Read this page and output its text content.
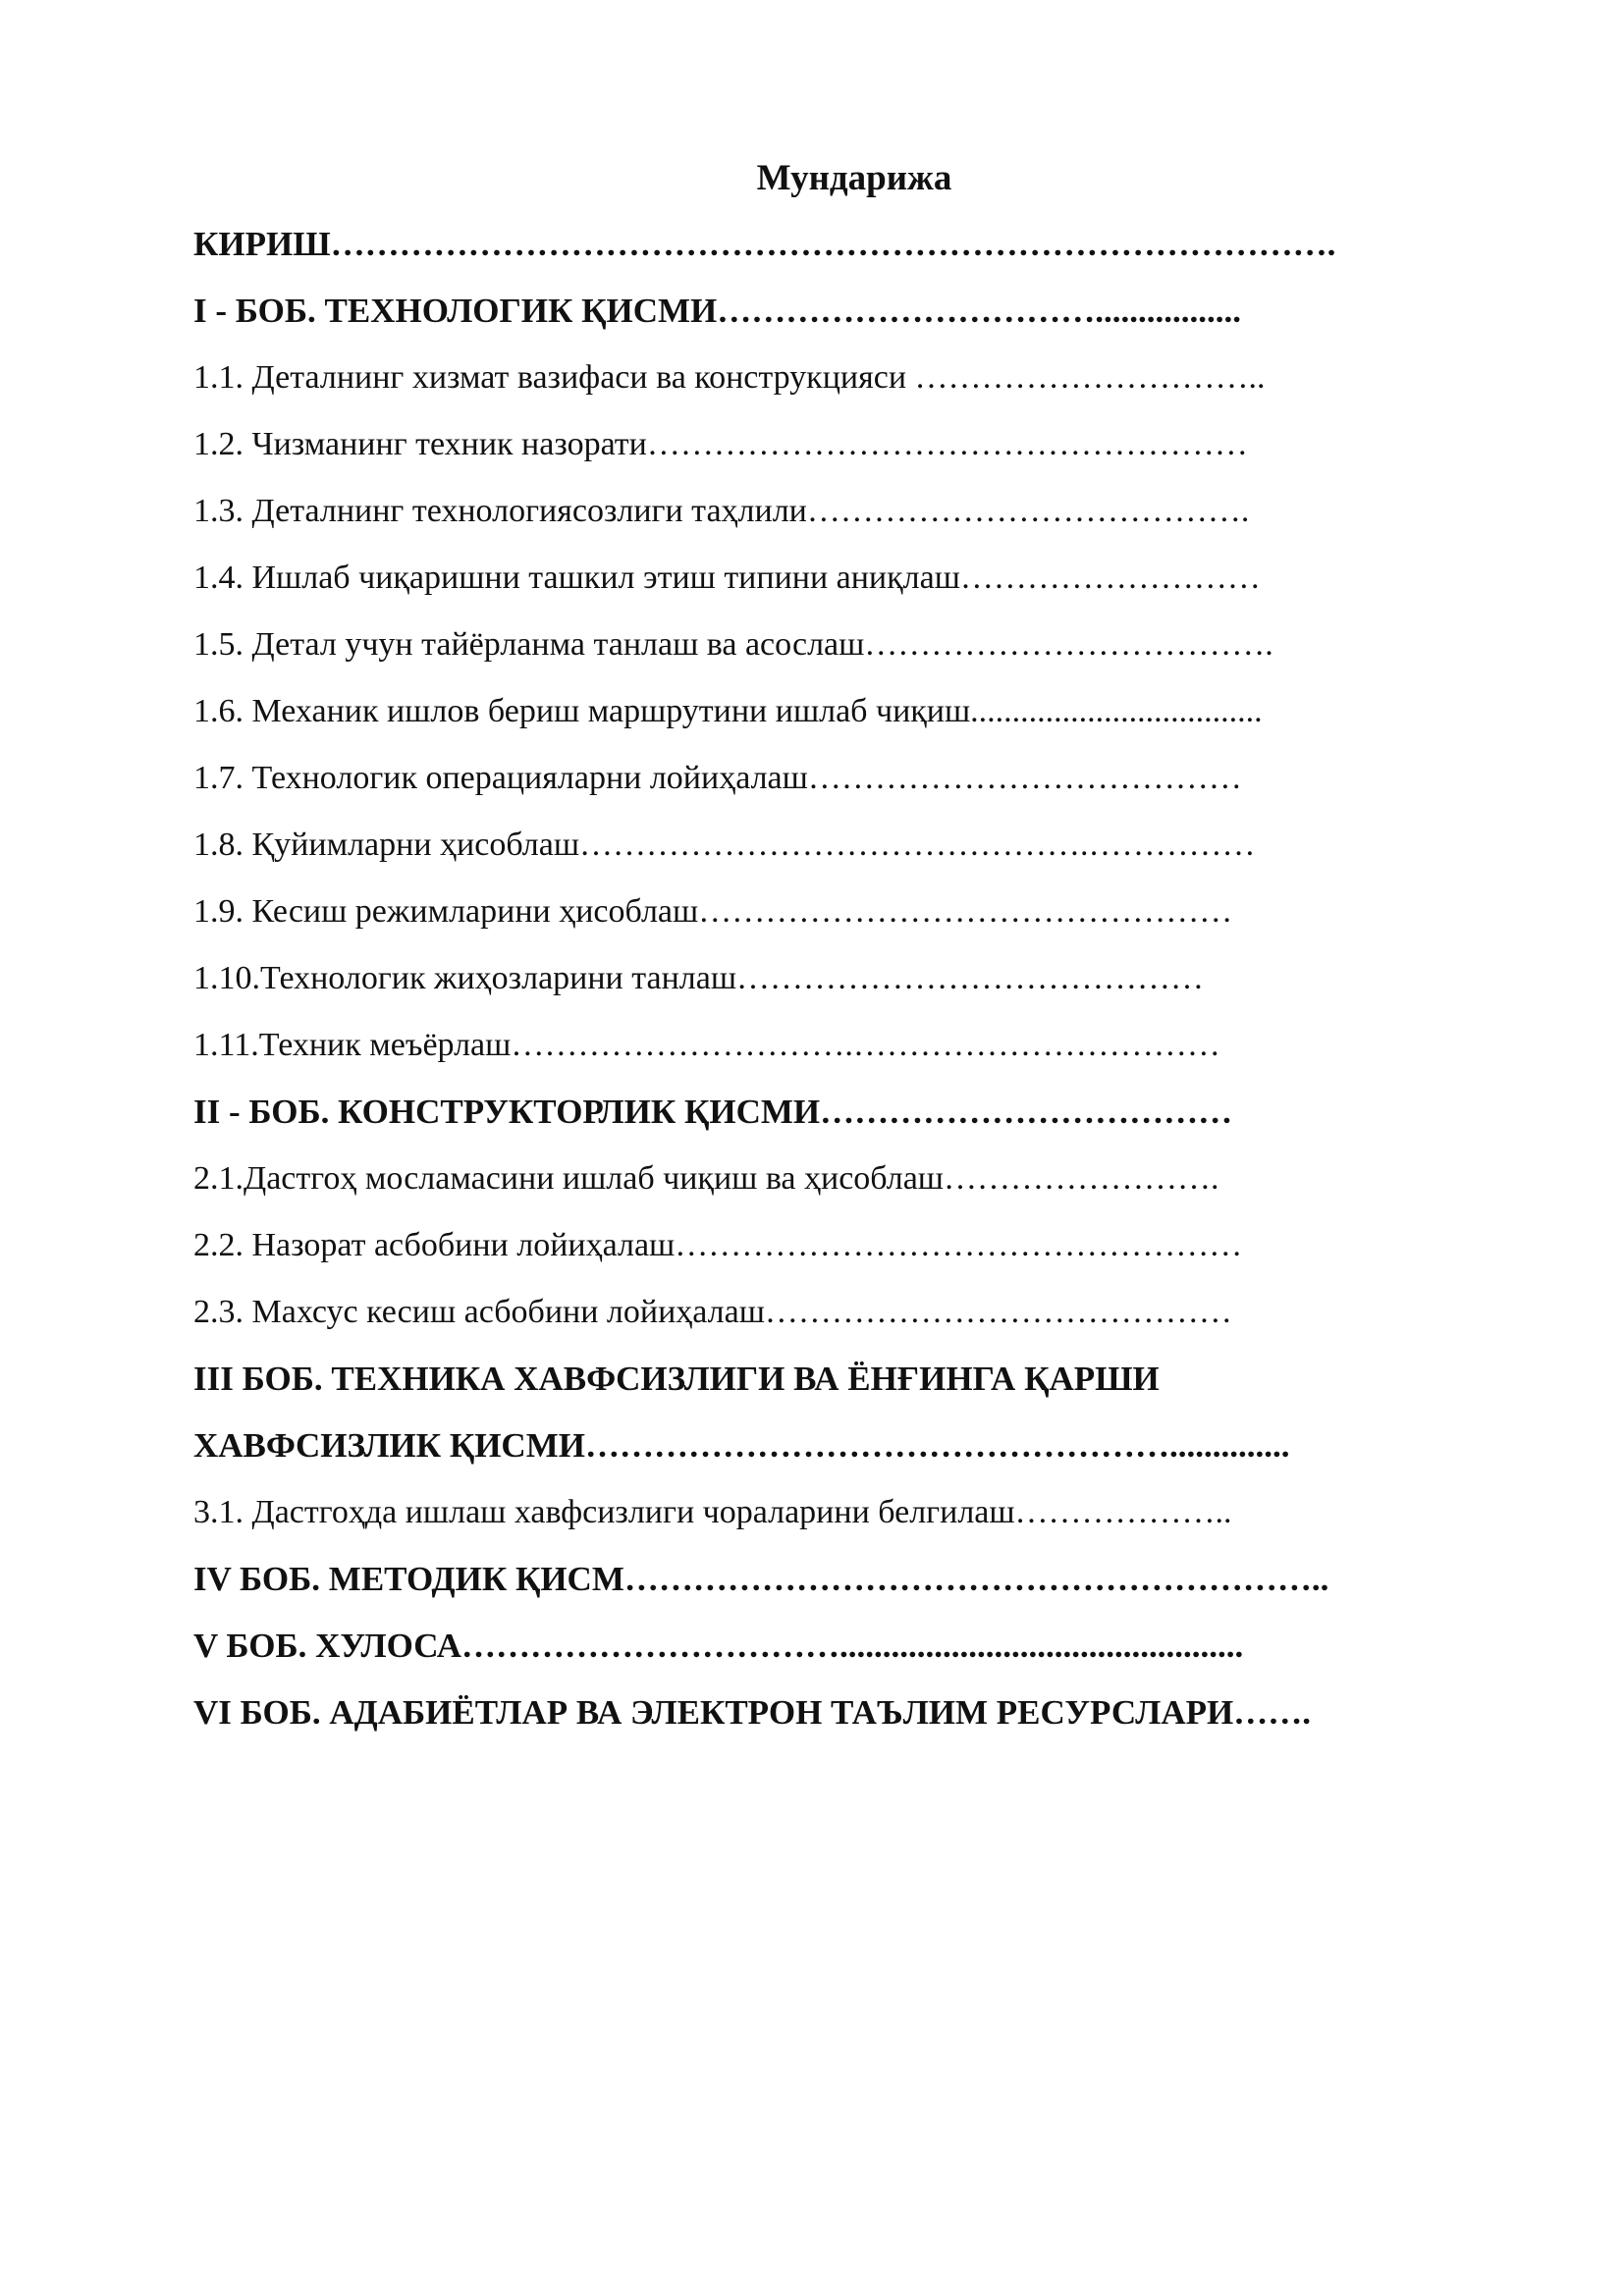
Мундарижа
КИРИШ…………………………………………………………………………….
I - БОБ. ТЕХНОЛОГИК ҚИСМИ…………………………….................
1.1. Деталнинг хизмат вазифаси ва конструкцияси …………………………..
1.2. Чизманинг техник назорати………………………………………………
1.3. Деталнинг технологиясозлиги таҳлили………………………………….
1.4. Ишлаб чиқаришни ташкил этиш типини аниқлаш………………………
1.5. Детал учун тайёрланма танлаш ва асослаш……………………………….
1.6. Механик ишлов бериш маршрутини ишлаб чиқиш...................................
1.7. Технологик операцияларни лойиҳалаш…………………………………
1.8. Қуйимларни ҳисоблаш……………………………………….……………
1.9. Кесиш режимларини ҳисоблаш…………………………………………
1.10.Технологик жиҳозларини танлаш……………………………………
1.11.Техник меъёрлаш………………………….……………………………
II - БОБ. КОНСТРУКТОРЛИК ҚИСМИ………………………………
2.1.Дастгоҳ мосламасини ишлаб чиқиш ва ҳисоблаш…………………….
2.2. Назорат асбобини лойиҳалаш……………………………………………
2.3. Махсус кесиш асбобини лойиҳалаш……………………………………
III БОБ. ТЕХНИКА ХАВФСИЗЛИГИ ВА ЁНҒИНГА ҚАРШИ
ХАВФСИЗЛИК ҚИСМИ……………………………………………..............
3.1. Дастгоҳда ишлаш хавфсизлиги чораларини белгилаш………………..
IV БОБ. МЕТОДИК ҚИСМ……………………………………………………..
V БОБ. ХУЛОСА……………………………...............................................
VI БОБ. АДАБИЁТЛАР ВА ЭЛЕКТРОН ТАЪЛИМ РЕСУРСЛАРИ…….
